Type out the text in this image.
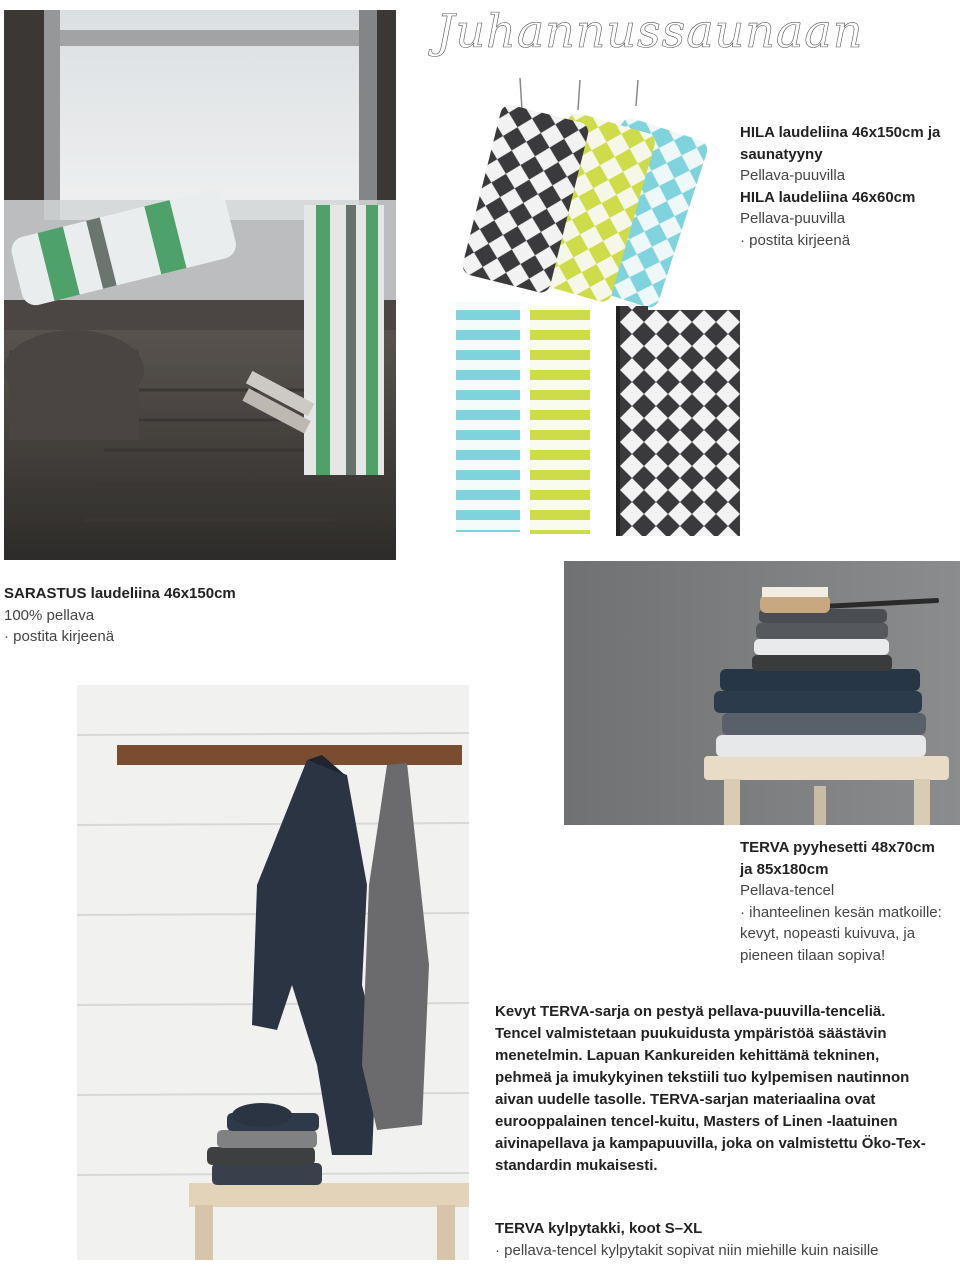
Juhannussaunaan
HILA laudeliina 46x150cm ja
saunatyyny
Pellava-puuvilla
HILA laudeliina 46x60cm
Pellava-puuvilla
· postita kirjeenä
SARASTUS laudeliina 46x150cm
100% pellava
· postita kirjeenä
TERVA pyyhesetti 48x70cm
ja 85x180cm
Pellava-tencel
· ihanteelinen kesän matkoille:
kevyt, nopeasti kuivuva, ja
pieneen tilaan sopiva!
Kevyt TERVA-sarja on pestyä pellava-puuvilla-tenceliä.
Tencel valmistetaan puukuidusta ympäristöä säästävin
menetelmin. Lapuan Kankureiden kehittämä tekninen,
pehmeä ja imukykyinen tekstiili tuo kylpemisen nautinnon
aivan uudelle tasolle. TERVA-sarjan materiaalina ovat
eurooppalainen tencel-kuitu, Masters of Linen -laatuinen
aivinapellava ja kampapuuvilla, joka on valmistettu Öko-Tex-
standardin mukaisesti.
TERVA kylpytakki, koot S–XL
· pellava-tencel kylpytakit sopivat niin miehille kuin naisille
